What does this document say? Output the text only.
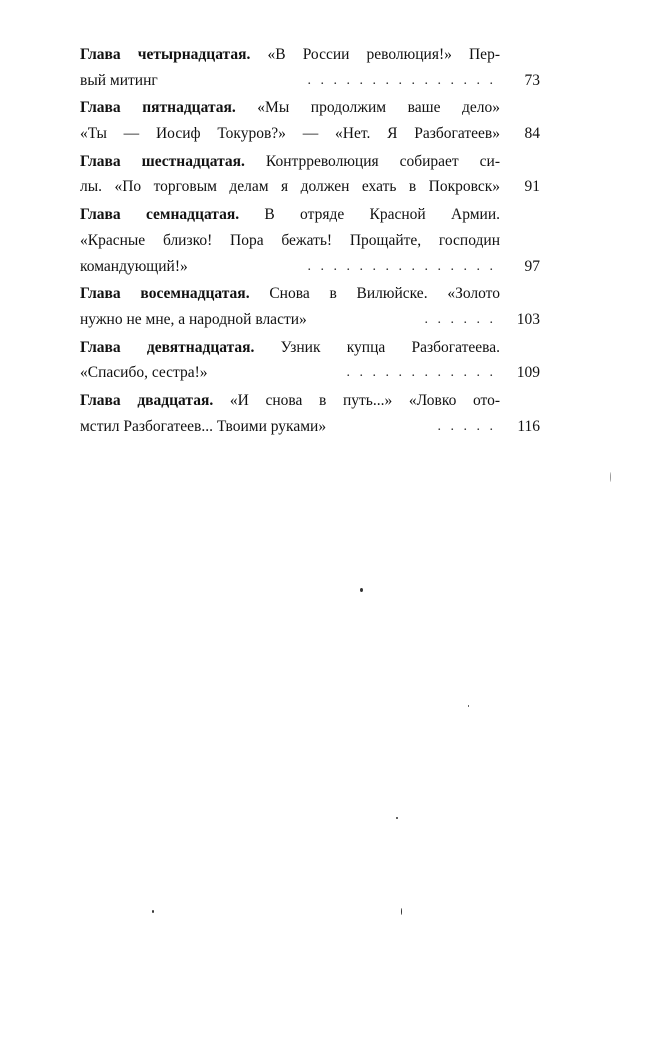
Глава четырнадцатая. «В России революция!» Пер-
вый митинг	. . . . . . . . . . . . . . .	73
Глава пятнадцатая. «Мы продолжим ваше дело»
«Ты — Иосиф Токуров?» — «Нет. Я Разбогатеев»	84
Глава шестнадцатая. Контрреволюция собирает си-
лы. «По торговым делам я должен ехать в Покровск»	91
Глава семнадцатая. В отряде Красной Армии.
«Красные близко! Пора бежать! Прощайте, господин
командующий!»	. . . . . . . . . . . . . . .	97
Глава восемнадцатая. Снова в Вилюйске. «Золото
нужно не мне, а народной власти»	. . . . . .	103
Глава девятнадцатая. Узник купца Разбогатеева.
«Спасибо, сестра!»	. . . . . . . . . . . .	109
Глава двадцатая. «И снова в путь...» «Ловко ото-
мстил Разбогатеев... Твоими руками»	. . . . .	116
